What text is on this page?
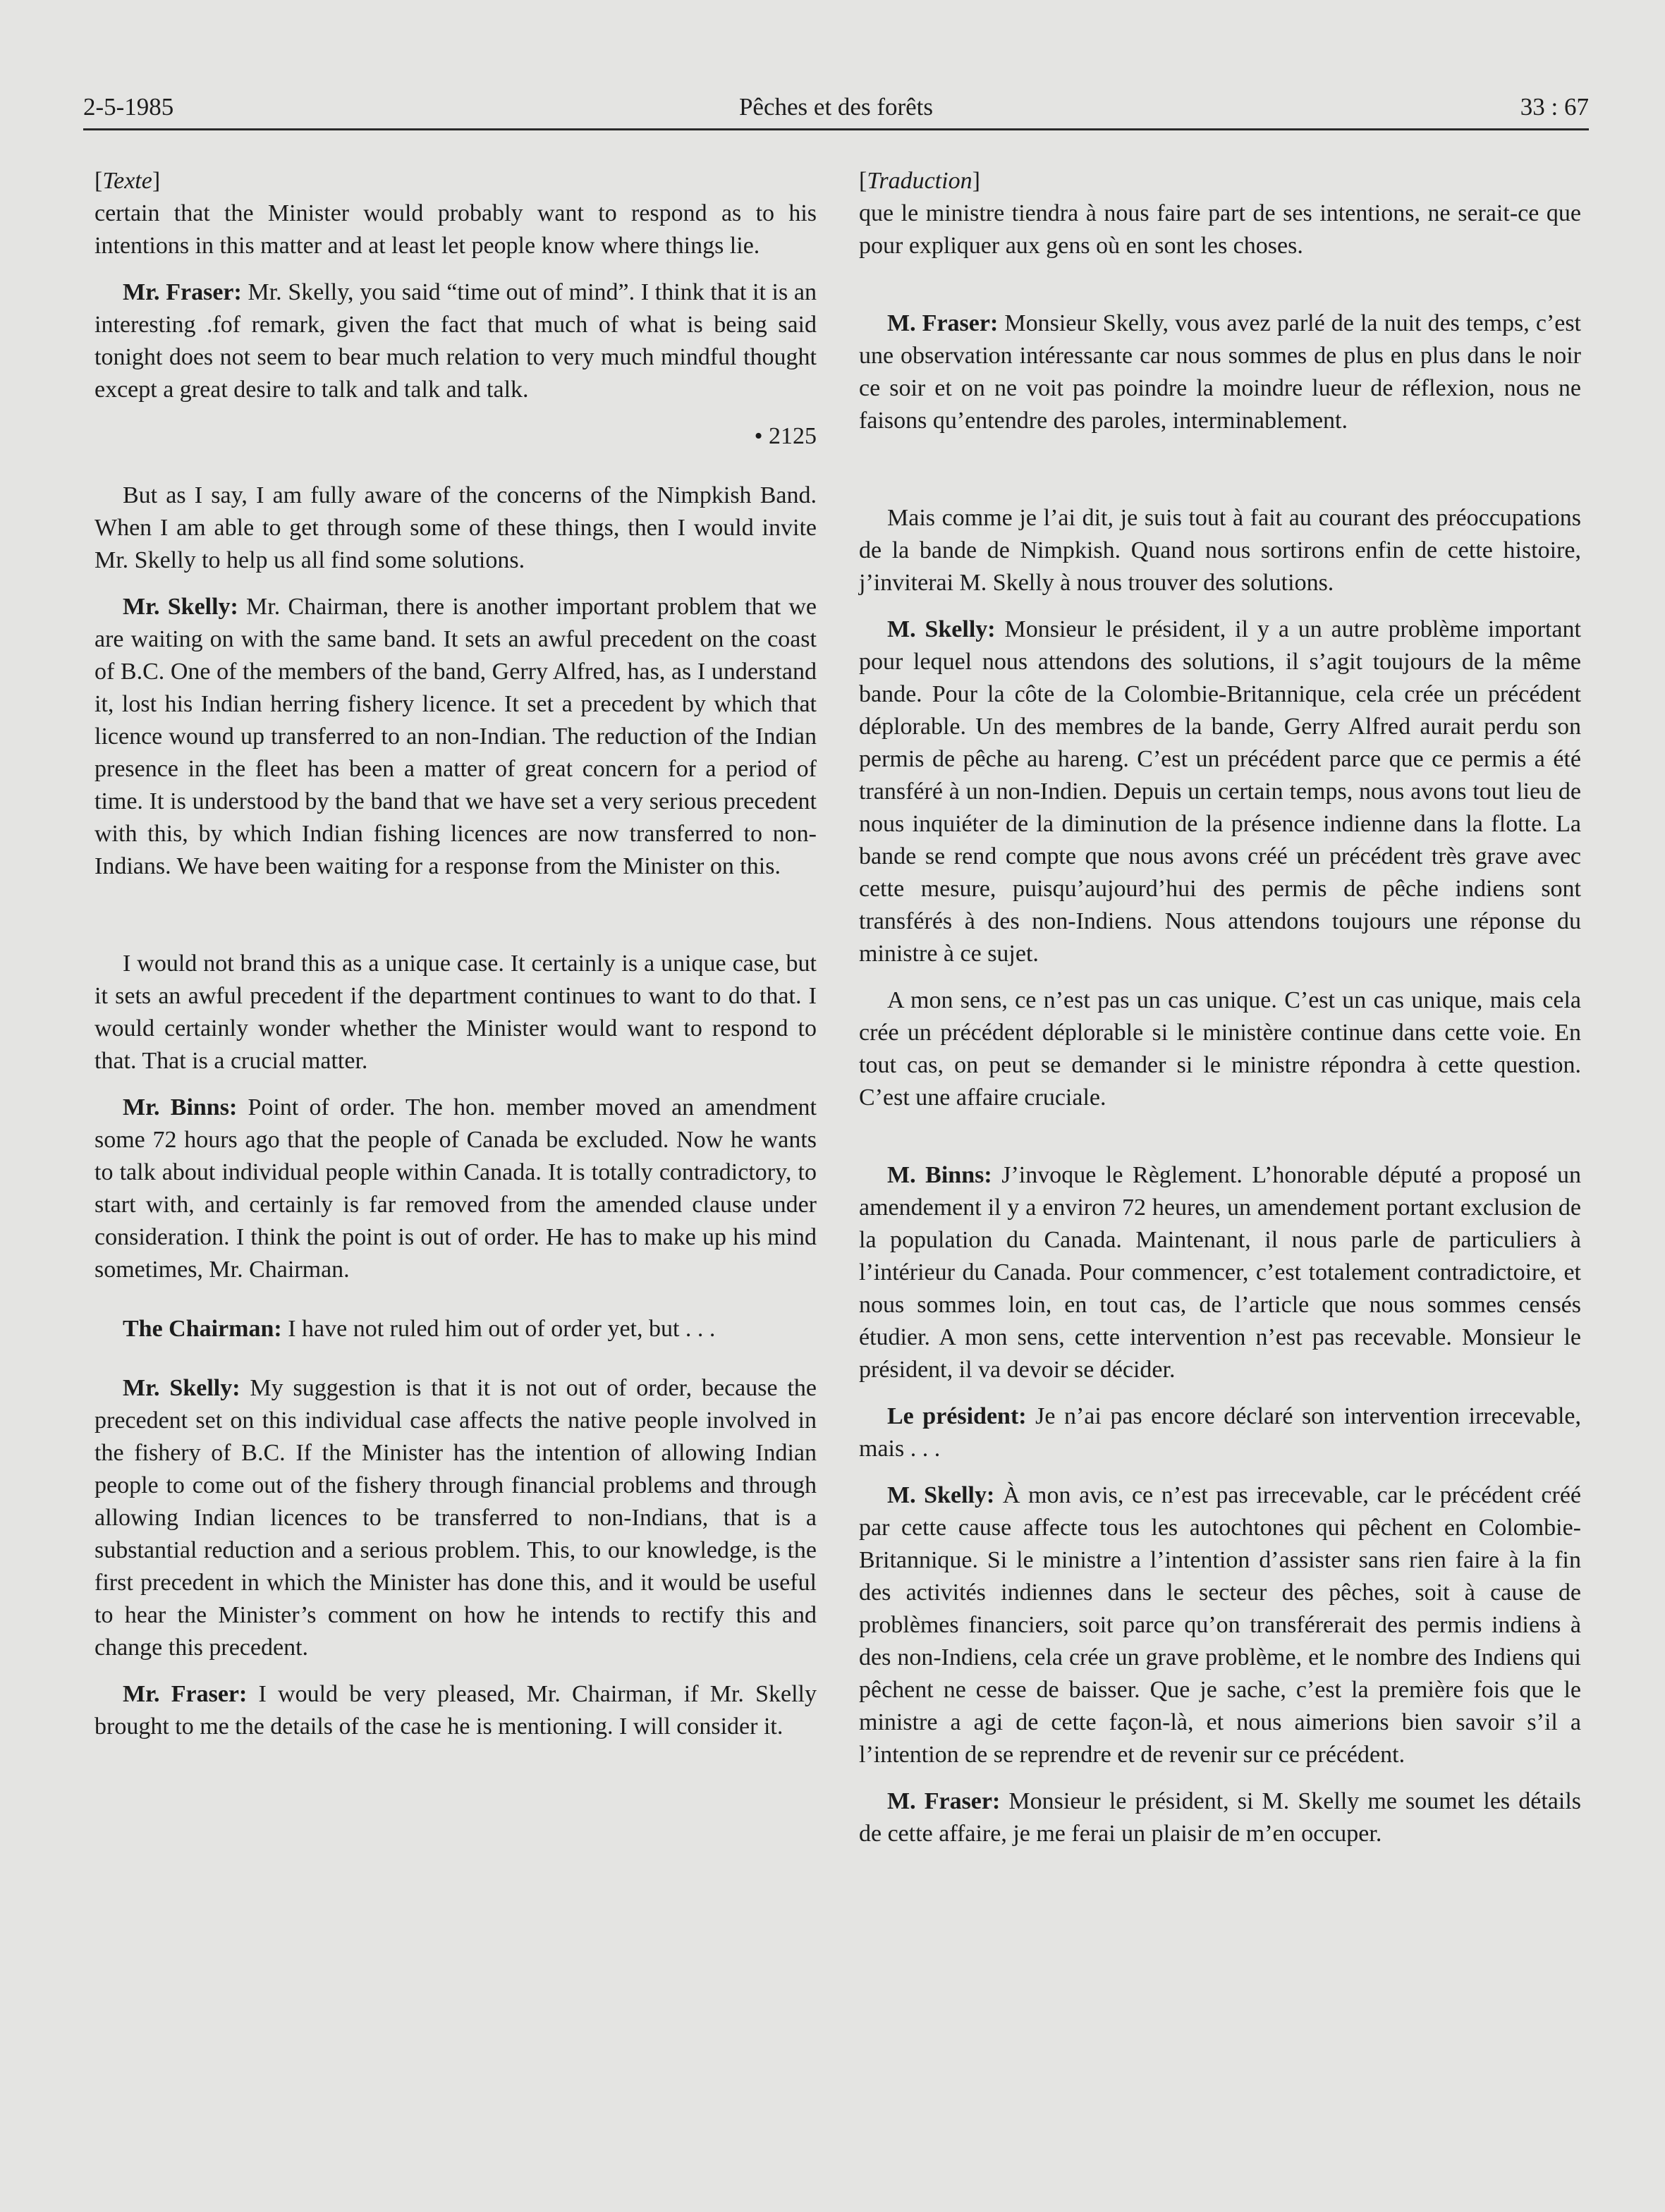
2-5-1985	Pêches et des forêts	33 : 67

[Texte]

certain that the Minister would probably want to respond as to his intentions in this matter and at least let people know where things lie.

Mr. Fraser: Mr. Skelly, you said “time out of mind”. I think that it is an interesting .fof remark, given the fact that much of what is being said tonight does not seem to bear much relation to very much mindful thought except a great desire to talk and talk and talk.

• 2125

But as I say, I am fully aware of the concerns of the Nimpkish Band. When I am able to get through some of these things, then I would invite Mr. Skelly to help us all find some solutions.

Mr. Skelly: Mr. Chairman, there is another important problem that we are waiting on with the same band. It sets an awful precedent on the coast of B.C. One of the members of the band, Gerry Alfred, has, as I understand it, lost his Indian herring fishery licence. It set a precedent by which that licence wound up transferred to an non-Indian. The reduction of the Indian presence in the fleet has been a matter of great concern for a period of time. It is understood by the band that we have set a very serious precedent with this, by which Indian fishing licences are now transferred to non-Indians. We have been waiting for a response from the Minister on this.

I would not brand this as a unique case. It certainly is a unique case, but it sets an awful precedent if the department continues to want to do that. I would certainly wonder whether the Minister would want to respond to that. That is a crucial matter.

Mr. Binns: Point of order. The hon. member moved an amendment some 72 hours ago that the people of Canada be excluded. Now he wants to talk about individual people within Canada. It is totally contradictory, to start with, and certainly is far removed from the amended clause under consideration. I think the point is out of order. He has to make up his mind sometimes, Mr. Chairman.

The Chairman: I have not ruled him out of order yet, but . . .

Mr. Skelly: My suggestion is that it is not out of order, because the precedent set on this individual case affects the native people involved in the fishery of B.C. If the Minister has the intention of allowing Indian people to come out of the fishery through financial problems and through allowing Indian licences to be transferred to non-Indians, that is a substantial reduction and a serious problem. This, to our knowledge, is the first precedent in which the Minister has done this, and it would be useful to hear the Minister’s comment on how he intends to rectify this and change this precedent.

Mr. Fraser: I would be very pleased, Mr. Chairman, if Mr. Skelly brought to me the details of the case he is mentioning. I will consider it.

[Traduction]

que le ministre tiendra à nous faire part de ses intentions, ne serait-ce que pour expliquer aux gens où en sont les choses.

M. Fraser: Monsieur Skelly, vous avez parlé de la nuit des temps, c’est une observation intéressante car nous sommes de plus en plus dans le noir ce soir et on ne voit pas poindre la moindre lueur de réflexion, nous ne faisons qu’entendre des paroles, interminablement.

Mais comme je l’ai dit, je suis tout à fait au courant des préoccupations de la bande de Nimpkish. Quand nous sortirons enfin de cette histoire, j’inviterai M. Skelly à nous trouver des solutions.

M. Skelly: Monsieur le président, il y a un autre problème important pour lequel nous attendons des solutions, il s’agit toujours de la même bande. Pour la côte de la Colombie-Britannique, cela crée un précédent déplorable. Un des membres de la bande, Gerry Alfred aurait perdu son permis de pêche au hareng. C’est un précédent parce que ce permis a été transféré à un non-Indien. Depuis un certain temps, nous avons tout lieu de nous inquiéter de la diminution de la présence indienne dans la flotte. La bande se rend compte que nous avons créé un précédent très grave avec cette mesure, puisqu’aujourd’hui des permis de pêche indiens sont transférés à des non-Indiens. Nous attendons toujours une réponse du ministre à ce sujet.

A mon sens, ce n’est pas un cas unique. C’est un cas unique, mais cela crée un précédent déplorable si le ministère continue dans cette voie. En tout cas, on peut se demander si le ministre répondra à cette question. C’est une affaire cruciale.

M. Binns: J’invoque le Règlement. L’honorable député a proposé un amendement il y a environ 72 heures, un amendement portant exclusion de la population du Canada. Maintenant, il nous parle de particuliers à l’intérieur du Canada. Pour commencer, c’est totalement contradictoire, et nous sommes loin, en tout cas, de l’article que nous sommes censés étudier. A mon sens, cette intervention n’est pas recevable. Monsieur le président, il va devoir se décider.

Le président: Je n’ai pas encore déclaré son intervention irrecevable, mais . . .

M. Skelly: À mon avis, ce n’est pas irrecevable, car le précédent créé par cette cause affecte tous les autochtones qui pêchent en Colombie-Britannique. Si le ministre a l’intention d’assister sans rien faire à la fin des activités indiennes dans le secteur des pêches, soit à cause de problèmes financiers, soit parce qu’on transférerait des permis indiens à des non-Indiens, cela crée un grave problème, et le nombre des Indiens qui pêchent ne cesse de baisser. Que je sache, c’est la première fois que le ministre a agi de cette façon-là, et nous aimerions bien savoir s’il a l’intention de se reprendre et de revenir sur ce précédent.

M. Fraser: Monsieur le président, si M. Skelly me soumet les détails de cette affaire, je me ferai un plaisir de m’en occuper.
